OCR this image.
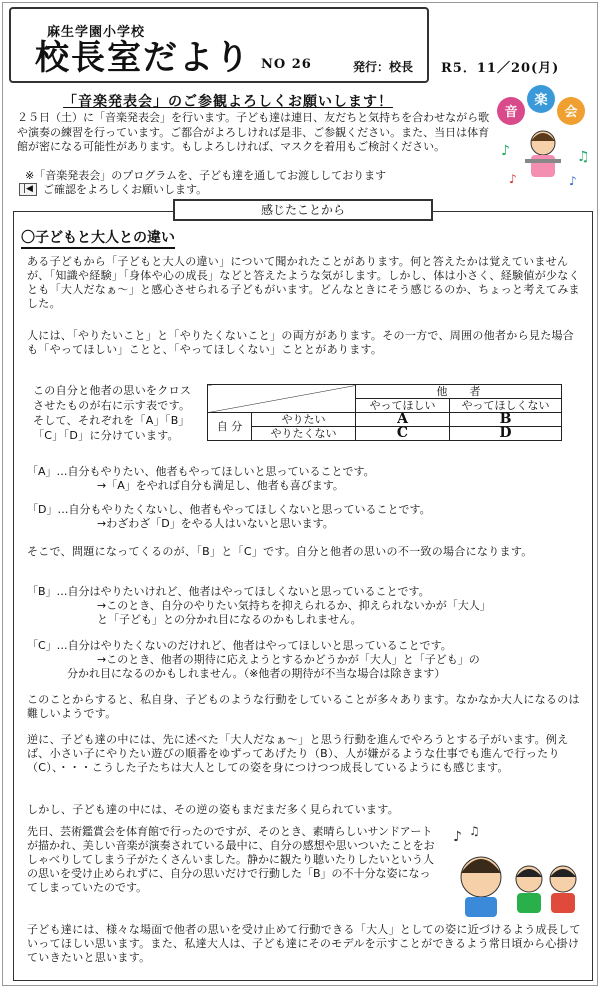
麻生学園小学校
校長室だより NO 26	発行：校長 R5．11／20(月)
「音楽発表会」のご参観よろしくお願いします！

２５日（土）に「音楽発表会」を行います。子ども達は連日、友だちと気持ちを合わせながら歌や演奏の練習を行っています。ご都合がよろしければ是非、ご参観ください。また、当日は体育館が密になる可能性があります。もしよろしければ、マスクを着用もご検討ください。

※「音楽発表会」のプログラムを、子ども達を通してお渡ししております
|◀ ご確認をよろしくお願いします。
音
楽
会
♪	♫
♪	♪
感じたことから
〇子どもと大人との違い
ある子どもから「子どもと大人の違い」について聞かれたことがあります。何と答えたかは覚えていませんが、「知識や経験」「身体や心の成長」などと答えたような気がします。しかし、体は小さく、経験値が少なくとも「大人だなぁ～」と感心させられる子どもがいます。どんなときにそう感じるのか、ちょっと考えてみました。
人には、「やりたいこと」と「やりたくないこと」の両方があります。その一方で、周囲の他者から見た場合も「やってほしい」ことと、「やってほしくない」こととがあります。
この自分と他者の思いをクロスさせたものが右に示す表です。そして、それぞれを「A」「B」「C」「D」に分けています。
		他　　者	
		やってほしい	やってほしくない
自 分	やりたい	A	B
	やりたくない	C	D
「A」…自分もやりたい、他者もやってほしいと思っていることです。
→「A」をやれば自分も満足し、他者も喜びます。
「D」…自分もやりたくないし、他者もやってほしくないと思っていることです。
→わざわざ「D」をやる人はいないと思います。
そこで、問題になってくるのが、「B」と「C」です。自分と他者の思いの不一致の場合になります。
「B」…自分はやりたいけれど、他者はやってほしくないと思っていることです。
→このとき、自分のやりたい気持ちを抑えられるか、抑えられないかが「大人」
と「子ども」との分かれ目になるのかもしれません。
「C」…自分はやりたくないのだけれど、他者はやってほしいと思っていることです。
→このとき、他者の期待に応えようとするかどうかが「大人」と「子ども」の
分かれ目になるのかもしれません。（※他者の期待が不当な場合は除きます）
このことからすると、私自身、子どものような行動をしていることが多々あります。なかなか大人になるのは難しいようです。
逆に、子ども達の中には、先に述べた「大人だなぁ～」と思う行動を進んでやろうとする子がいます。例えば、小さい子にやりたい遊びの順番をゆずってあげたり（B）、人が嫌がるような仕事でも進んで行ったり（C）、・・・こうした子たちは大人としての姿を身につけつつ成長しているようにも感じます。
しかし、子ども達の中には、その逆の姿もまだまだ多く見られています。
先日、芸術鑑賞会を体育館で行ったのですが、そのとき、素晴らしいサンドアートが描かれ、美しい音楽が演奏されている最中に、自分の感想や思いついたことをおしゃべりしてしまう子がたくさんいました。静かに観たり聴いたりしたいという人の思いを受け止められずに、自分の思いだけで行動した「B」の不十分な姿になってしまっていたのです。
♪ ♫
子ども達には、様々な場面で他者の思いを受け止めて行動できる「大人」としての姿に近づけるよう成長していってほしい思います。また、私達大人は、子ども達にそのモデルを示すことができるよう常日頃から心掛けていきたいと思います。
